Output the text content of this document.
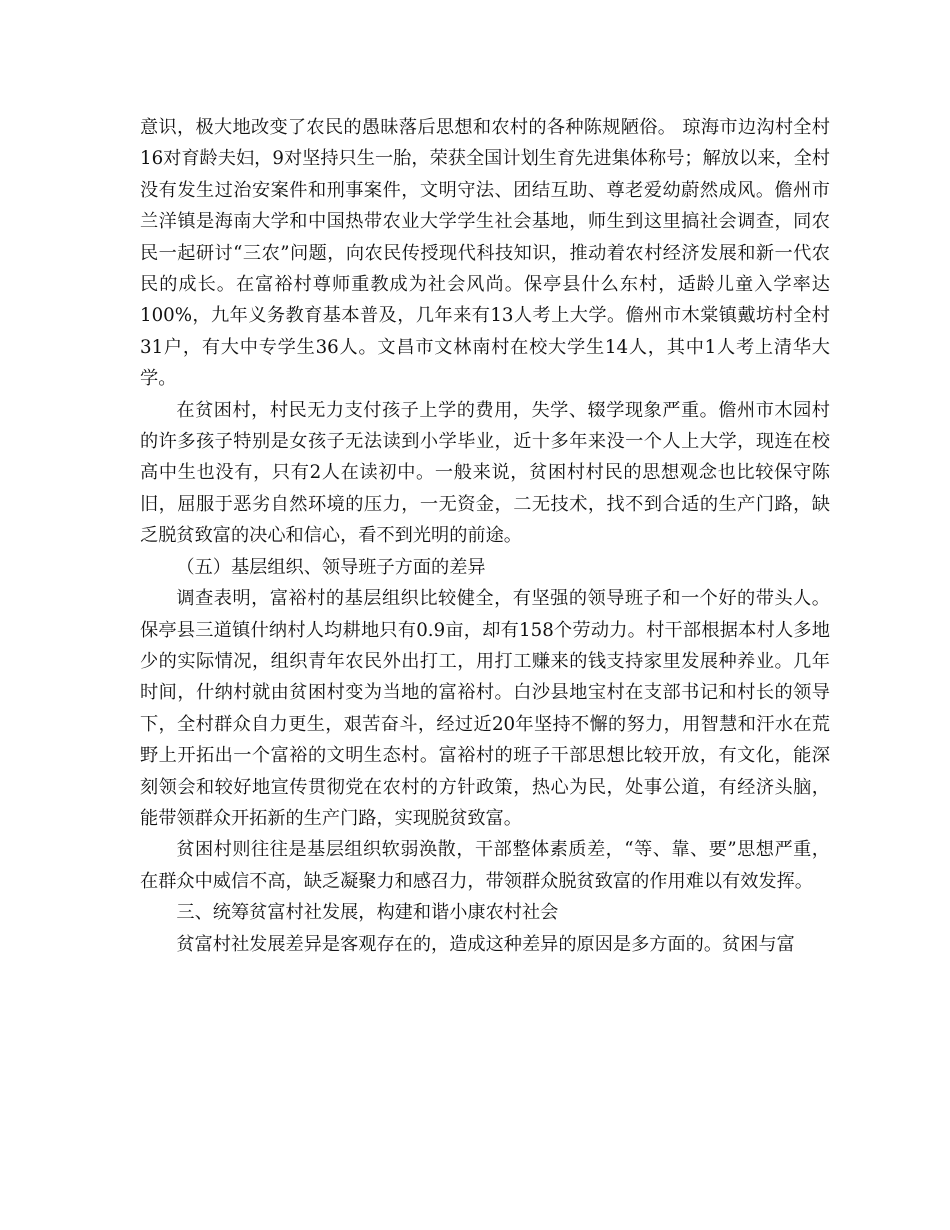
意识，极大地改变了农民的愚昧落后思想和农村的各种陈规陋俗。 琼海市边沟村全村16对育龄夫妇，9对坚持只生一胎，荣获全国计划生育先进集体称号；解放以来，全村没有发生过治安案件和刑事案件，文明守法、团结互助、尊老爱幼蔚然成风。儋州市兰洋镇是海南大学和中国热带农业大学学生社会基地，师生到这里搞社会调查，同农民一起研讨“三农”问题，向农民传授现代科技知识，推动着农村经济发展和新一代农民的成长。在富裕村尊师重教成为社会风尚。保亭县什么东村，适龄儿童入学率达100%，九年义务教育基本普及，几年来有13人考上大学。儋州市木棠镇戴坊村全村31户，有大中专学生36人。文昌市文林南村在校大学生14人，其中1人考上清华大学。

在贫困村，村民无力支付孩子上学的费用，失学、辍学现象严重。儋州市木园村的许多孩子特别是女孩子无法读到小学毕业，近十多年来没一个人上大学，现连在校高中生也没有，只有2人在读初中。一般来说，贫困村村民的思想观念也比较保守陈旧，屈服于恶劣自然环境的压力，一无资金，二无技术，找不到合适的生产门路，缺乏脱贫致富的决心和信心，看不到光明的前途。

（五）基层组织、领导班子方面的差异

调查表明，富裕村的基层组织比较健全，有坚强的领导班子和一个好的带头人。保亭县三道镇什纳村人均耕地只有0.9亩，却有158个劳动力。村干部根据本村人多地少的实际情况，组织青年农民外出打工，用打工赚来的钱支持家里发展种养业。几年时间，什纳村就由贫困村变为当地的富裕村。白沙县地宝村在支部书记和村长的领导下，全村群众自力更生，艰苦奋斗，经过近20年坚持不懈的努力，用智慧和汗水在荒野上开拓出一个富裕的文明生态村。富裕村的班子干部思想比较开放，有文化，能深刻领会和较好地宣传贯彻党在农村的方针政策，热心为民，处事公道，有经济头脑，能带领群众开拓新的生产门路，实现脱贫致富。

贫困村则往往是基层组织软弱涣散，干部整体素质差，“等、靠、要”思想严重，在群众中威信不高，缺乏凝聚力和感召力，带领群众脱贫致富的作用难以有效发挥。

三、统筹贫富村社发展，构建和谐小康农村社会

贫富村社发展差异是客观存在的，造成这种差异的原因是多方面的。贫困与富
